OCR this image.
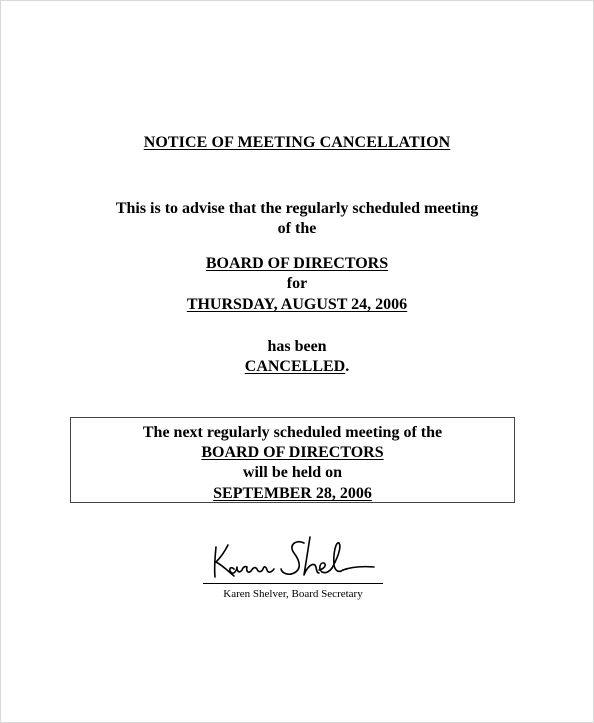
NOTICE OF MEETING CANCELLATION
This is to advise that the regularly scheduled meeting
of the
BOARD OF DIRECTORS
for
THURSDAY, AUGUST 24, 2006
has been
CANCELLED.
The next regularly scheduled meeting of the
BOARD OF DIRECTORS
will be held on
SEPTEMBER 28, 2006
Karen Shelver, Board Secretary
